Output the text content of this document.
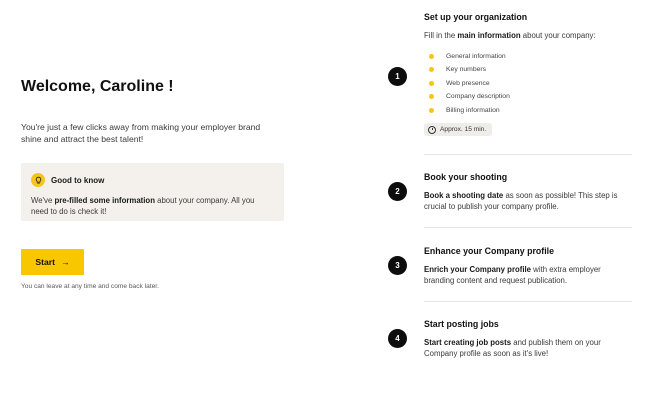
Welcome, Caroline !

You're just a few clicks away from making your employer brand shine and attract the best talent!

Good to know

We've pre-filled some information about your company. All you need to do is check it!

Start →

You can leave at any time and come back later.

1
Set up your organization

Fill in the main information about your company:

General information
Key numbers
Web presence
Company description
Billing information
Approx. 15 min.
2
Book your shooting

Book a shooting date as soon as possible! This step is crucial to publish your company profile.

3
Enhance your Company profile

Enrich your Company profile with extra employer branding content and request publication.

4
Start posting jobs

Start creating job posts and publish them on your Company profile as soon as it's live!
